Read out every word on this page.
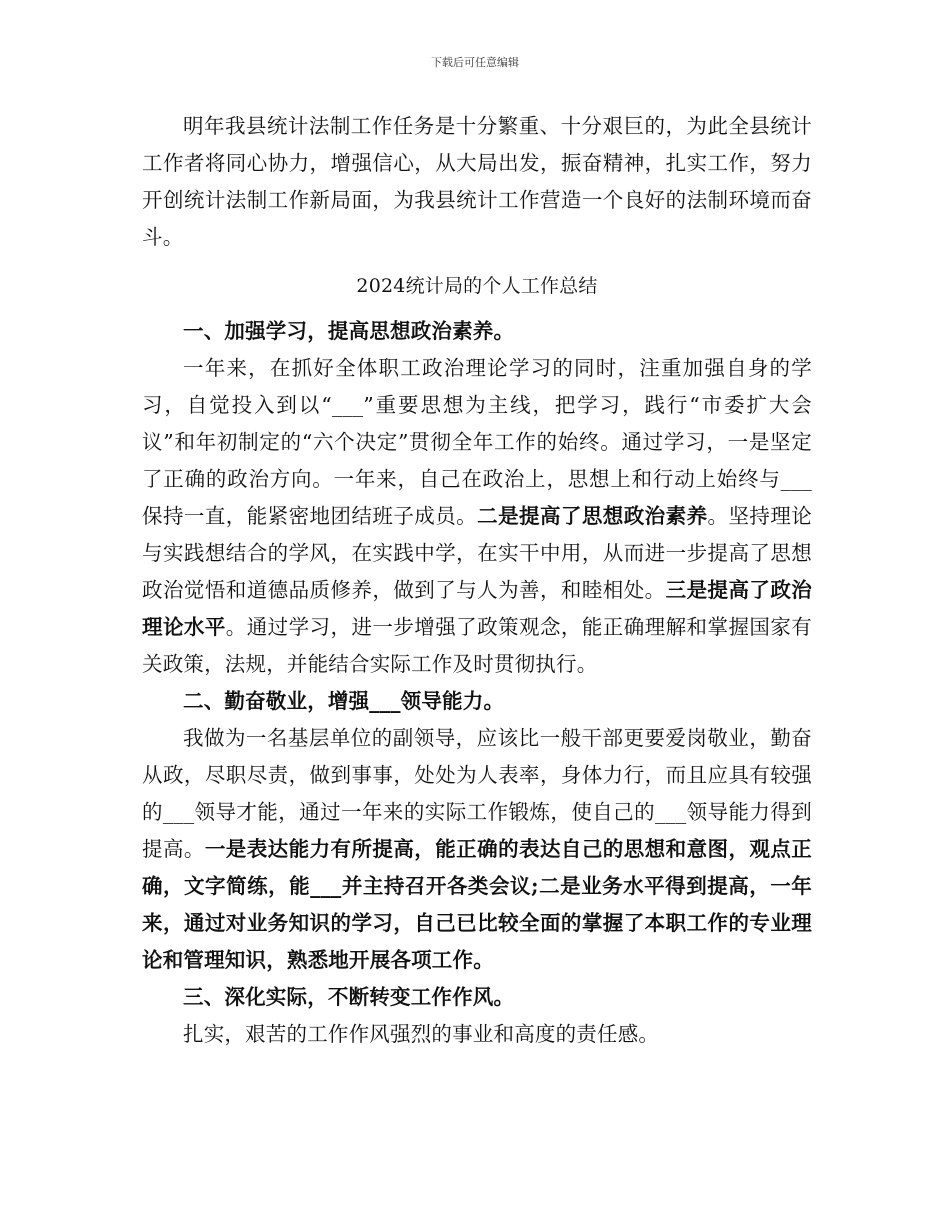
下载后可任意编辑

明年我县统计法制工作任务是十分繁重、十分艰巨的，为此全县统计工作者将同心协力，增强信心，从大局出发，振奋精神，扎实工作，努力开创统计法制工作新局面，为我县统计工作营造一个良好的法制环境而奋斗。

2024统计局的个人工作总结

一、加强学习，提高思想政治素养。

一年来，在抓好全体职工政治理论学习的同时，注重加强自身的学习，自觉投入到以“___”重要思想为主线，把学习，践行“市委扩大会议”和年初制定的“六个决定”贯彻全年工作的始终。通过学习，一是坚定了正确的政治方向。一年来，自己在政治上，思想上和行动上始终与___保持一直，能紧密地团结班子成员。二是提高了思想政治素养。坚持理论与实践想结合的学风，在实践中学，在实干中用，从而进一步提高了思想政治觉悟和道德品质修养，做到了与人为善，和睦相处。三是提高了政治理论水平。通过学习，进一步增强了政策观念，能正确理解和掌握国家有关政策，法规，并能结合实际工作及时贯彻执行。

二、勤奋敬业，增强___领导能力。

我做为一名基层单位的副领导，应该比一般干部更要爱岗敬业，勤奋从政，尽职尽责，做到事事，处处为人表率，身体力行，而且应具有较强的___领导才能，通过一年来的实际工作锻炼，使自己的___领导能力得到提高。一是表达能力有所提高，能正确的表达自己的思想和意图，观点正确，文字简练，能___并主持召开各类会议;二是业务水平得到提高，一年来，通过对业务知识的学习，自己已比较全面的掌握了本职工作的专业理论和管理知识，熟悉地开展各项工作。

三、深化实际，不断转变工作作风。

扎实，艰苦的工作作风强烈的事业和高度的责任感。
